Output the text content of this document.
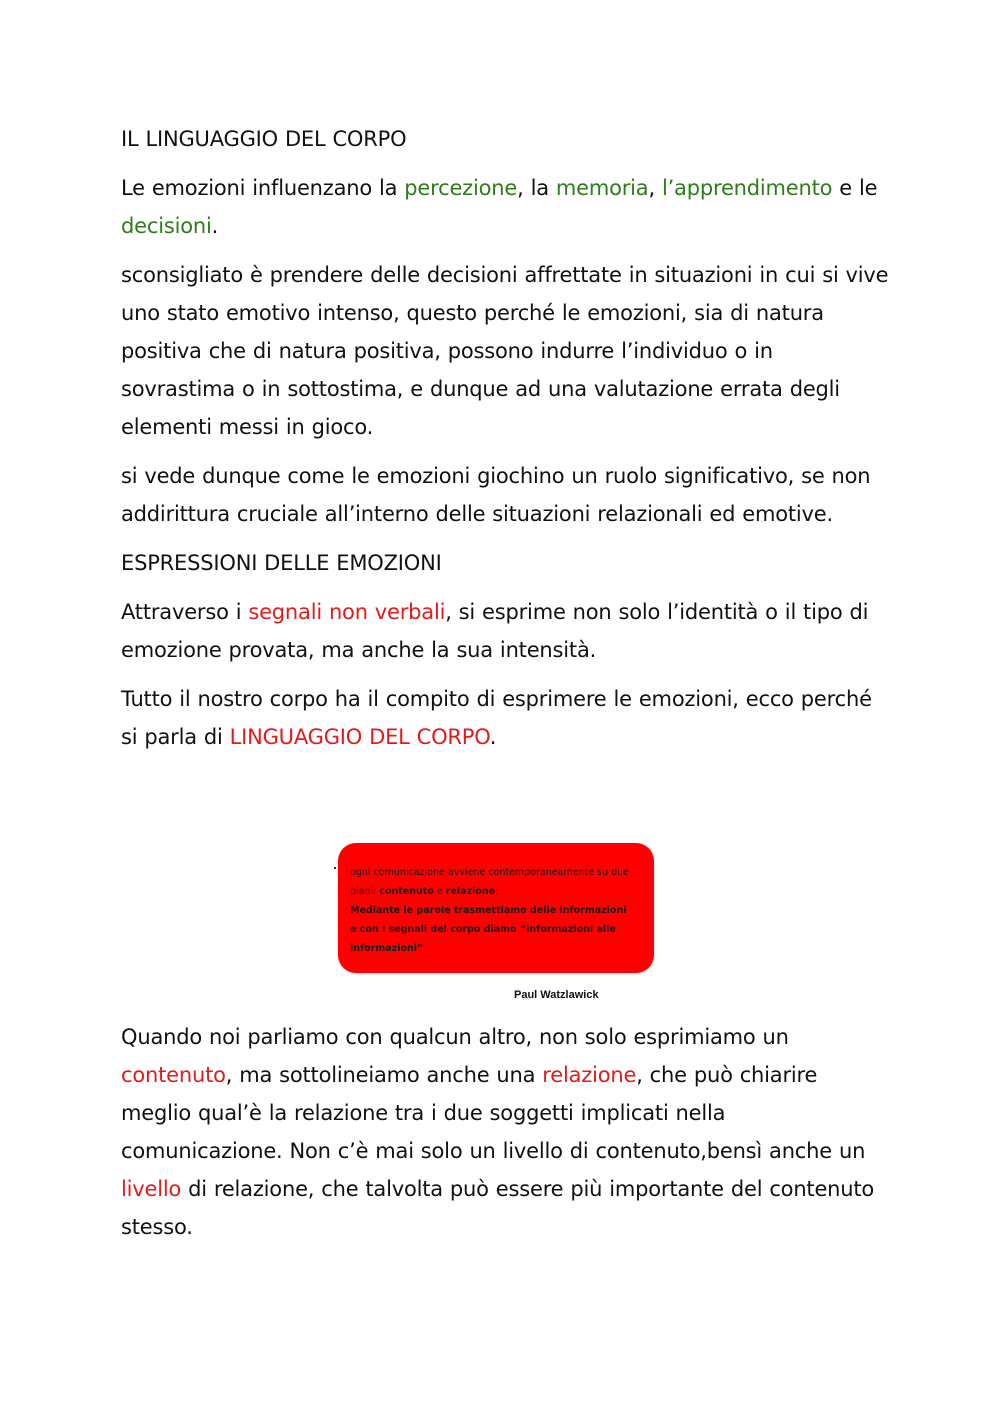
IL LINGUAGGIO DEL CORPO

Le emozioni influenzano la percezione, la memoria, l’apprendimento e le decisioni.

sconsigliato è prendere delle decisioni affrettate in situazioni in cui si vive uno stato emotivo intenso, questo perché le emozioni, sia di natura positiva che di natura positiva, possono indurre l’individuo o in sovrastima o in sottostima, e dunque ad una valutazione errata degli elementi messi in gioco.

si vede dunque come le emozioni giochino un ruolo significativo, se non addirittura cruciale all’interno delle situazioni relazionali ed emotive.

ESPRESSIONI DELLE EMOZIONI

Attraverso i segnali non verbali, si esprime non solo l’identità o il tipo di emozione provata, ma anche la sua intensità.

Tutto il nostro corpo ha il compito di esprimere le emozioni, ecco perché si parla di LINGUAGGIO DEL CORPO.

ogni comunicazione avviene contemporaneamente su due
piani: contenuto e relazione:
Mediante le parole trasmettiamo delle informazioni
e con i segnali del corpo diamo “informazioni alle
informazioni”
Paul Watzlawick

Quando noi parliamo con qualcun altro, non solo esprimiamo un contenuto, ma sottolineiamo anche una relazione, che può chiarire meglio qual’è la relazione tra i due soggetti implicati nella comunicazione. Non c’è mai solo un livello di contenuto,bensì anche un livello di relazione, che talvolta può essere più importante del contenuto stesso.
